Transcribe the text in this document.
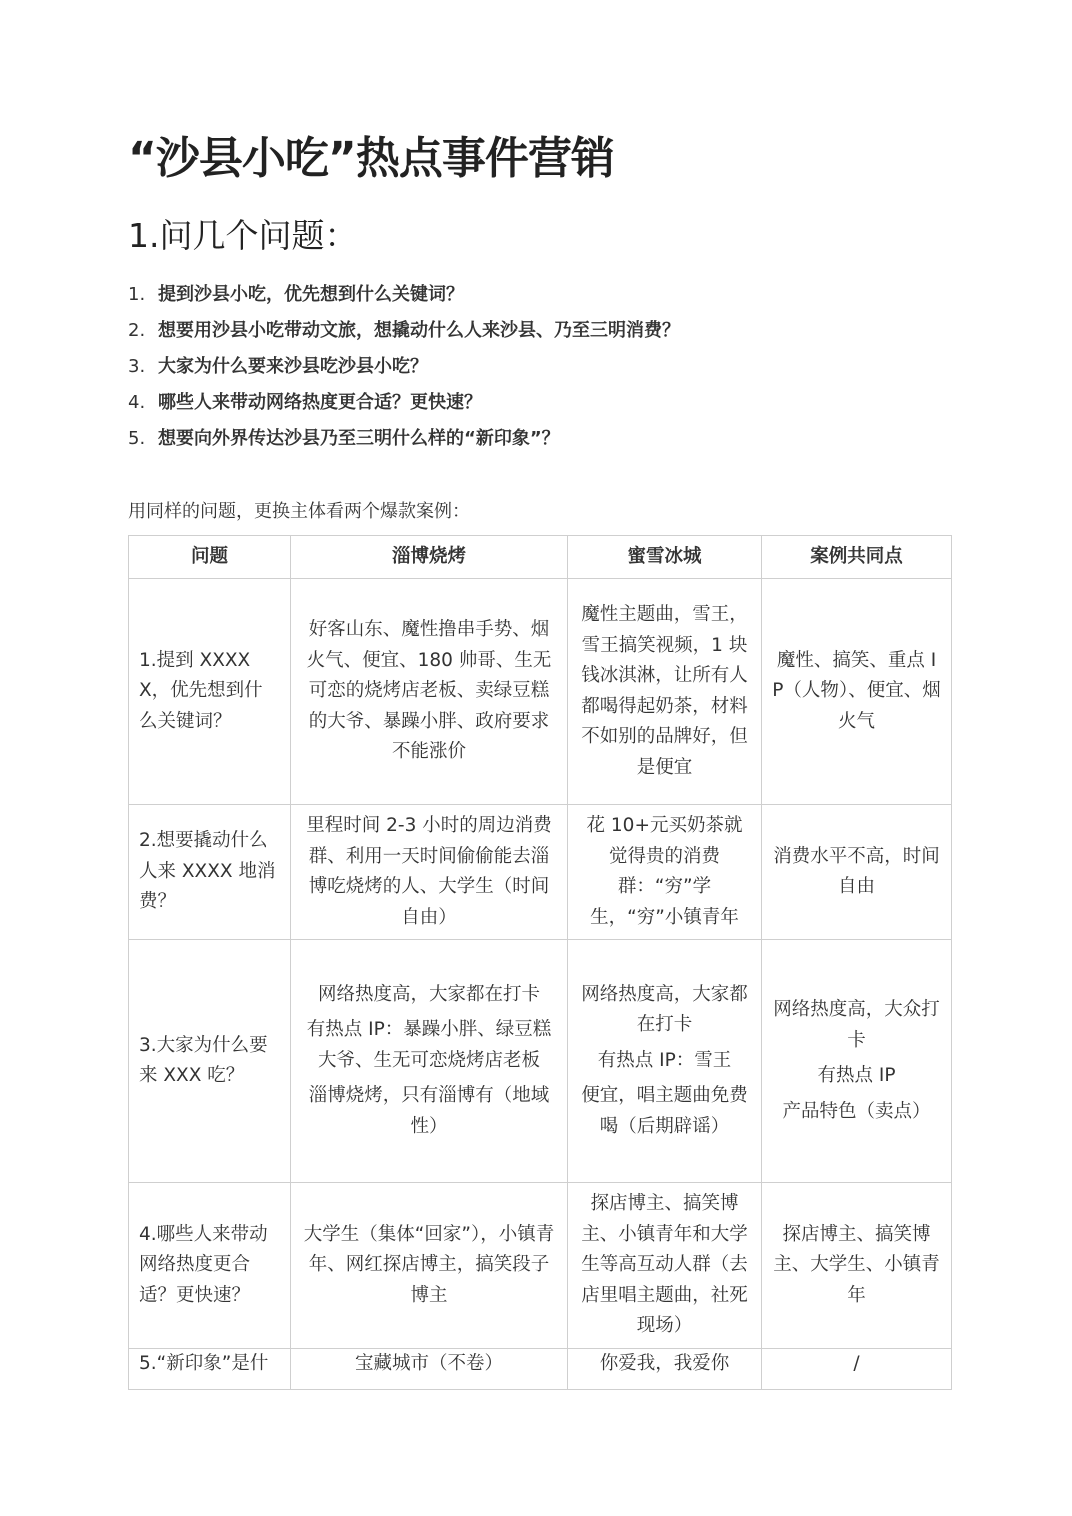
“沙县小吃”热点事件营销
1.问几个问题：
1. 提到沙县小吃，优先想到什么关键词？
2. 想要用沙县小吃带动文旅，想撬动什么人来沙县、乃至三明消费？
3. 大家为什么要来沙县吃沙县小吃？
4. 哪些人来带动网络热度更合适？更快速？
5. 想要向外界传达沙县乃至三明什么样的“新印象”？

用同样的问题，更换主体看两个爆款案例：

问题	淄博烧烤	蜜雪冰城	案例共同点
1.提到 XXXXX，优先想到什么关键词？	好客山东、魔性撸串手势、烟火气、便宜、180 帅哥、生无可恋的烧烤店老板、卖绿豆糕的大爷、暴躁小胖、政府要求不能涨价	魔性主题曲，雪王，雪王搞笑视频，1 块钱冰淇淋，让所有人都喝得起奶茶，材料不如别的品牌好，但是便宜	魔性、搞笑、重点 IP（人物）、便宜、烟火气

2.想要撬动什么人来 XXXX 地消费？	里程时间 2-3 小时的周边消费群、利用一天时间偷偷能去淄博吃烧烤的人、大学生（时间自由）	花 10+元买奶茶就觉得贵的消费群：“穷”学生，“穷”小镇青年	消费水平不高，时间自由

3.大家为什么要来 XXX 吃？	网络热度高，大家都在打卡
有热点 IP：暴躁小胖、绿豆糕大爷、生无可恋烧烤店老板
淄博烧烤，只有淄博有（地域性）	网络热度高，大家都在打卡
有热点 IP：雪王
便宜，唱主题曲免费喝（后期辟谣）	网络热度高，大众打卡
有热点 IP
产品特色（卖点）

4.哪些人来带动网络热度更合适？更快速？	大学生（集体“回家”），小镇青年、网红探店博主，搞笑段子博主	探店博主、搞笑博主、小镇青年和大学生等高互动人群（去店里唱主题曲，社死现场）	探店博主、搞笑博主、大学生、小镇青年

5.“新印象”是什	宝藏城市（不卷）	你爱我，我爱你	/
